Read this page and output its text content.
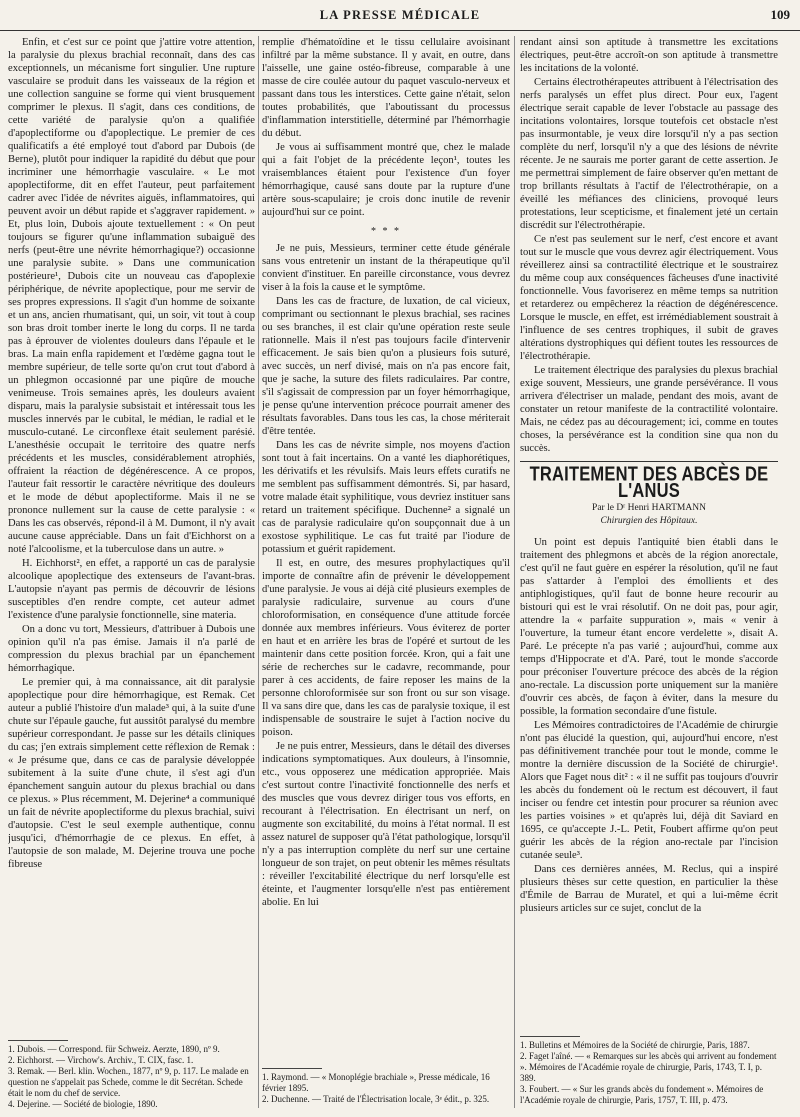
LA PRESSE MÉDICALE	109

Enfin, et c'est sur ce point que j'attire votre attention, la paralysie du plexus brachial reconnaît, dans des cas exceptionnels, un mécanisme fort singulier. Une rupture vasculaire se produit dans les vaisseaux de la région et une collection sanguine se forme qui vient brusquement comprimer le plexus. Il s'agit, dans ces conditions, de cette variété de paralysie qu'on a qualifiée d'apoplectiforme ou d'apoplectique. Le premier de ces qualificatifs a été employé tout d'abord par Dubois (de Berne), plutôt pour indiquer la rapidité du début que pour incriminer une hémorrhagie vasculaire. « Le mot apoplectiforme, dit en effet l'auteur, peut parfaitement cadrer avec l'idée de névrites aiguës, inflammatoires, qui peuvent avoir un début rapide et s'aggraver rapidement. » Et, plus loin, Dubois ajoute textuellement : « On peut toujours se figurer qu'une inflammation subaiguë des nerfs (peut-être une névrite hémorrhagique?) occasionne une paralysie subite. » Dans une communication postérieure¹, Dubois cite un nouveau cas d'apoplexie périphérique, de névrite apoplectique, pour me servir de ses propres expressions. Il s'agit d'un homme de soixante et un ans, ancien rhumatisant, qui, un soir, vit tout à coup son bras droit tomber inerte le long du corps. Il ne tarda pas à éprouver de violentes douleurs dans l'épaule et le bras. La main enfla rapidement et l'œdème gagna tout le membre supérieur, de telle sorte qu'on crut tout d'abord à un phlegmon occasionné par une piqûre de mouche venimeuse. Trois semaines après, les douleurs avaient disparu, mais la paralysie subsistait et intéressait tous les muscles innervés par le cubital, le médian, le radial et le musculo-cutané. Le circonflexe était seulement parésié. L'anesthésie occupait le territoire des quatre nerfs précédents et les muscles, considérablement atrophiés, offraient la réaction de dégénérescence. A ce propos, l'auteur fait ressortir le caractère névritique des douleurs et le mode de début apoplectiforme. Mais il ne se prononce nullement sur la cause de cette paralysie : « Dans les cas observés, répond-il à M. Dumont, il n'y avait aucune cause appréciable. Dans un fait d'Eichhorst on a noté l'alcoolisme, et la tuberculose dans un autre. »

H. Eichhorst², en effet, a rapporté un cas de paralysie alcoolique apoplectique des extenseurs de l'avant-bras. L'autopsie n'ayant pas permis de découvrir de lésions susceptibles d'en rendre compte, cet auteur admet l'existence d'une paralysie fonctionnelle, sine materia.

On a donc vu tort, Messieurs, d'attribuer à Dubois une opinion qu'il n'a pas émise. Jamais il n'a parlé de compression du plexus brachial par un épanchement hémorrhagique.

Le premier qui, à ma connaissance, ait dit paralysie apoplectique pour dire hémorrhagique, est Remak. Cet auteur a publié l'histoire d'un malade³ qui, à la suite d'une chute sur l'épaule gauche, fut aussitôt paralysé du membre supérieur correspondant. Je passe sur les détails cliniques du cas; j'en extrais simplement cette réflexion de Remak : « Je présume que, dans ce cas de paralysie développée subitement à la suite d'une chute, il s'est agi d'un épanchement sanguin autour du plexus brachial ou dans ce plexus. » Plus récemment, M. Dejerine⁴ a communiqué un fait de névrite apoplectiforme du plexus brachial, suivi d'autopsie. C'est le seul exemple authentique, connu jusqu'ici, d'hémorrhagie de ce plexus. En effet, à l'autopsie de son malade, M. Dejerine trouva une poche fibreuse

remplie d'hématoïdine et le tissu cellulaire avoisinant infiltré par la même substance. Il y avait, en outre, dans l'aisselle, une gaine ostéo-fibreuse, comparable à une masse de cire coulée autour du paquet vasculo-nerveux et passant dans tous les interstices. Cette gaine n'était, selon toutes probabilités, que l'aboutissant du processus d'inflammation interstitielle, déterminé par l'hémorrhagie du début.

Je vous ai suffisamment montré que, chez le malade qui a fait l'objet de la précédente leçon¹, toutes les vraisemblances étaient pour l'existence d'un foyer hémorrhagique, causé sans doute par la rupture d'une artère sous-scapulaire; je crois donc inutile de revenir aujourd'hui sur ce point.

* * *

Je ne puis, Messieurs, terminer cette étude générale sans vous entretenir un instant de la thérapeutique qu'il convient d'instituer. En pareille circonstance, vous devrez viser à la fois la cause et le symptôme.

Dans les cas de fracture, de luxation, de cal vicieux, comprimant ou sectionnant le plexus brachial, ses racines ou ses branches, il est clair qu'une opération reste seule rationnelle. Mais il n'est pas toujours facile d'intervenir efficacement. Je sais bien qu'on a plusieurs fois suturé, avec succès, un nerf divisé, mais on n'a pas encore fait, que je sache, la suture des filets radiculaires. Par contre, s'il s'agissait de compression par un foyer hémorrhagique, je pense qu'une intervention précoce pourrait amener des résultats favorables. Dans tous les cas, la chose mériterait d'être tentée.

Dans les cas de névrite simple, nos moyens d'action sont tout à fait incertains. On a vanté les diaphorétiques, les dérivatifs et les révulsifs. Mais leurs effets curatifs ne me semblent pas suffisamment démontrés. Si, par hasard, votre malade était syphilitique, vous devriez instituer sans retard un traitement spécifique. Duchenne² a signalé un cas de paralysie radiculaire qu'on soupçonnait due à un exostose syphilitique. Le cas fut traité par l'iodure de potassium et guérit rapidement.

Il est, en outre, des mesures prophylactiques qu'il importe de connaître afin de prévenir le développement d'une paralysie. Je vous ai déjà cité plusieurs exemples de paralysie radiculaire, survenue au cours d'une chloroformisation, en conséquence d'une attitude forcée donnée aux membres inférieurs. Vous éviterez de porter en haut et en arrière les bras de l'opéré et surtout de les maintenir dans cette position forcée. Kron, qui a fait une série de recherches sur le cadavre, recommande, pour parer à ces accidents, de faire reposer les mains de la personne chloroformisée sur son front ou sur son visage. Il va sans dire que, dans les cas de paralysie toxique, il est indispensable de soustraire le sujet à l'action nocive du poison.

Je ne puis entrer, Messieurs, dans le détail des diverses indications symptomatiques. Aux douleurs, à l'insomnie, etc., vous opposerez une médication appropriée. Mais c'est surtout contre l'inactivité fonctionnelle des nerfs et des muscles que vous devrez diriger tous vos efforts, en recourant à l'électrisation. En électrisant un nerf, on augmente son excitabilité, du moins à l'état normal. Il est assez naturel de supposer qu'à l'état pathologique, lorsqu'il n'y a pas interruption complète du nerf sur une certaine longueur de son trajet, on peut obtenir les mêmes résultats : réveiller l'excitabilité électrique du nerf lorsqu'elle est éteinte, et l'augmenter lorsqu'elle n'est pas entièrement abolie. En lui

rendant ainsi son aptitude à transmettre les excitations électriques, peut-être accroît-on son aptitude à transmettre les incitations de la volonté.

Certains électrothérapeutes attribuent à l'électrisation des nerfs paralysés un effet plus direct. Pour eux, l'agent électrique serait capable de lever l'obstacle au passage des incitations volontaires, lorsque toutefois cet obstacle n'est pas insurmontable, je veux dire lorsqu'il n'y a pas section complète du nerf, lorsqu'il n'y a que des lésions de névrite récente. Je ne saurais me porter garant de cette assertion. Je me permettrai simplement de faire observer qu'en mettant de trop brillants résultats à l'actif de l'électrothérapie, on a éveillé les méfiances des cliniciens, provoqué leurs protestations, leur scepticisme, et finalement jeté un certain discrédit sur l'électrothérapie.

Ce n'est pas seulement sur le nerf, c'est encore et avant tout sur le muscle que vous devrez agir électriquement. Vous réveillerez ainsi sa contractilité électrique et le soustrairez du même coup aux conséquences fâcheuses d'une inactivité fonctionnelle. Vous favoriserez en même temps sa nutrition et retarderez ou empêcherez la réaction de dégénérescence. Lorsque le muscle, en effet, est irrémédiablement soustrait à l'influence de ses centres trophiques, il subit de graves altérations dystrophiques qui défient toutes les ressources de l'électrothérapie.

Le traitement électrique des paralysies du plexus brachial exige souvent, Messieurs, une grande persévérance. Il vous arrivera d'électriser un malade, pendant des mois, avant de constater un retour manifeste de la contractilité volontaire. Mais, ne cédez pas au découragement; ici, comme en toutes choses, la persévérance est la condition sine qua non du succès.

TRAITEMENT DES ABCÈS DE L'ANUS
Par le Dʳ Henri HARTMANN
Chirurgien des Hôpitaux.

Un point est depuis l'antiquité bien établi dans le traitement des phlegmons et abcès de la région anorectale, c'est qu'il ne faut guère en espérer la résolution, qu'il ne faut pas s'attarder à l'emploi des émollients et des antiphlogistiques, qu'il faut de bonne heure recourir au bistouri qui est le vrai résolutif. On ne doit pas, pour agir, attendre la « parfaite suppuration », mais « venir à l'ouverture, la tumeur étant encore verdelette », disait A. Paré. Le précepte n'a pas varié ; aujourd'hui, comme aux temps d'Hippocrate et d'A. Paré, tout le monde s'accorde pour préconiser l'ouverture précoce des abcès de la région ano-rectale. La discussion porte uniquement sur la manière d'ouvrir ces abcès, de façon à éviter, dans la mesure du possible, la formation secondaire d'une fistule.

Les Mémoires contradictoires de l'Académie de chirurgie n'ont pas élucidé la question, qui, aujourd'hui encore, n'est pas définitivement tranchée pour tout le monde, comme le montre la dernière discussion de la Société de chirurgie¹. Alors que Faget nous dit² : « il ne suffit pas toujours d'ouvrir les abcès du fondement où le rectum est découvert, il faut inciser ou fendre cet intestin pour procurer sa réunion avec les parties voisines » et qu'après lui, déjà dit Saviard en 1695, ce qu'accepte J.-L. Petit, Foubert affirme qu'on peut guérir les abcès de la région ano-rectale par l'incision cutanée seule³.

Dans ces dernières années, M. Reclus, qui a inspiré plusieurs thèses sur cette question, en particulier la thèse d'Émile de Barrau de Muratel, et qui a lui-même écrit plusieurs articles sur ce sujet, conclut de la

1. Dubois. — Correspond. für Schweiz. Aerzte, 1890, nº 9.
2. Eichhorst. — Virchow's. Archiv., T. CIX, fasc. 1.
3. Remak. — Berl. klin. Wochen., 1877, nº 9, p. 117. Le malade en question ne s'appelait pas Schede, comme le dit Secrétan. Schede était le nom du chef de service.
4. Dejerine. — Société de biologie, 1890.
1. Raymond. — « Monoplégie brachiale », Presse médicale, 16 février 1895.
2. Duchenne. — Traité de l'Électrisation locale, 3ᵉ édit., p. 325.
1. Bulletins et Mémoires de la Société de chirurgie, Paris, 1887.
2. Faget l'aîné. — « Remarques sur les abcès qui arrivent au fondement ». Mémoires de l'Académie royale de chirurgie, Paris, 1743, T. I, p. 389.
3. Foubert. — « Sur les grands abcès du fondement ». Mémoires de l'Académie royale de chirurgie, Paris, 1757, T. III, p. 473.
